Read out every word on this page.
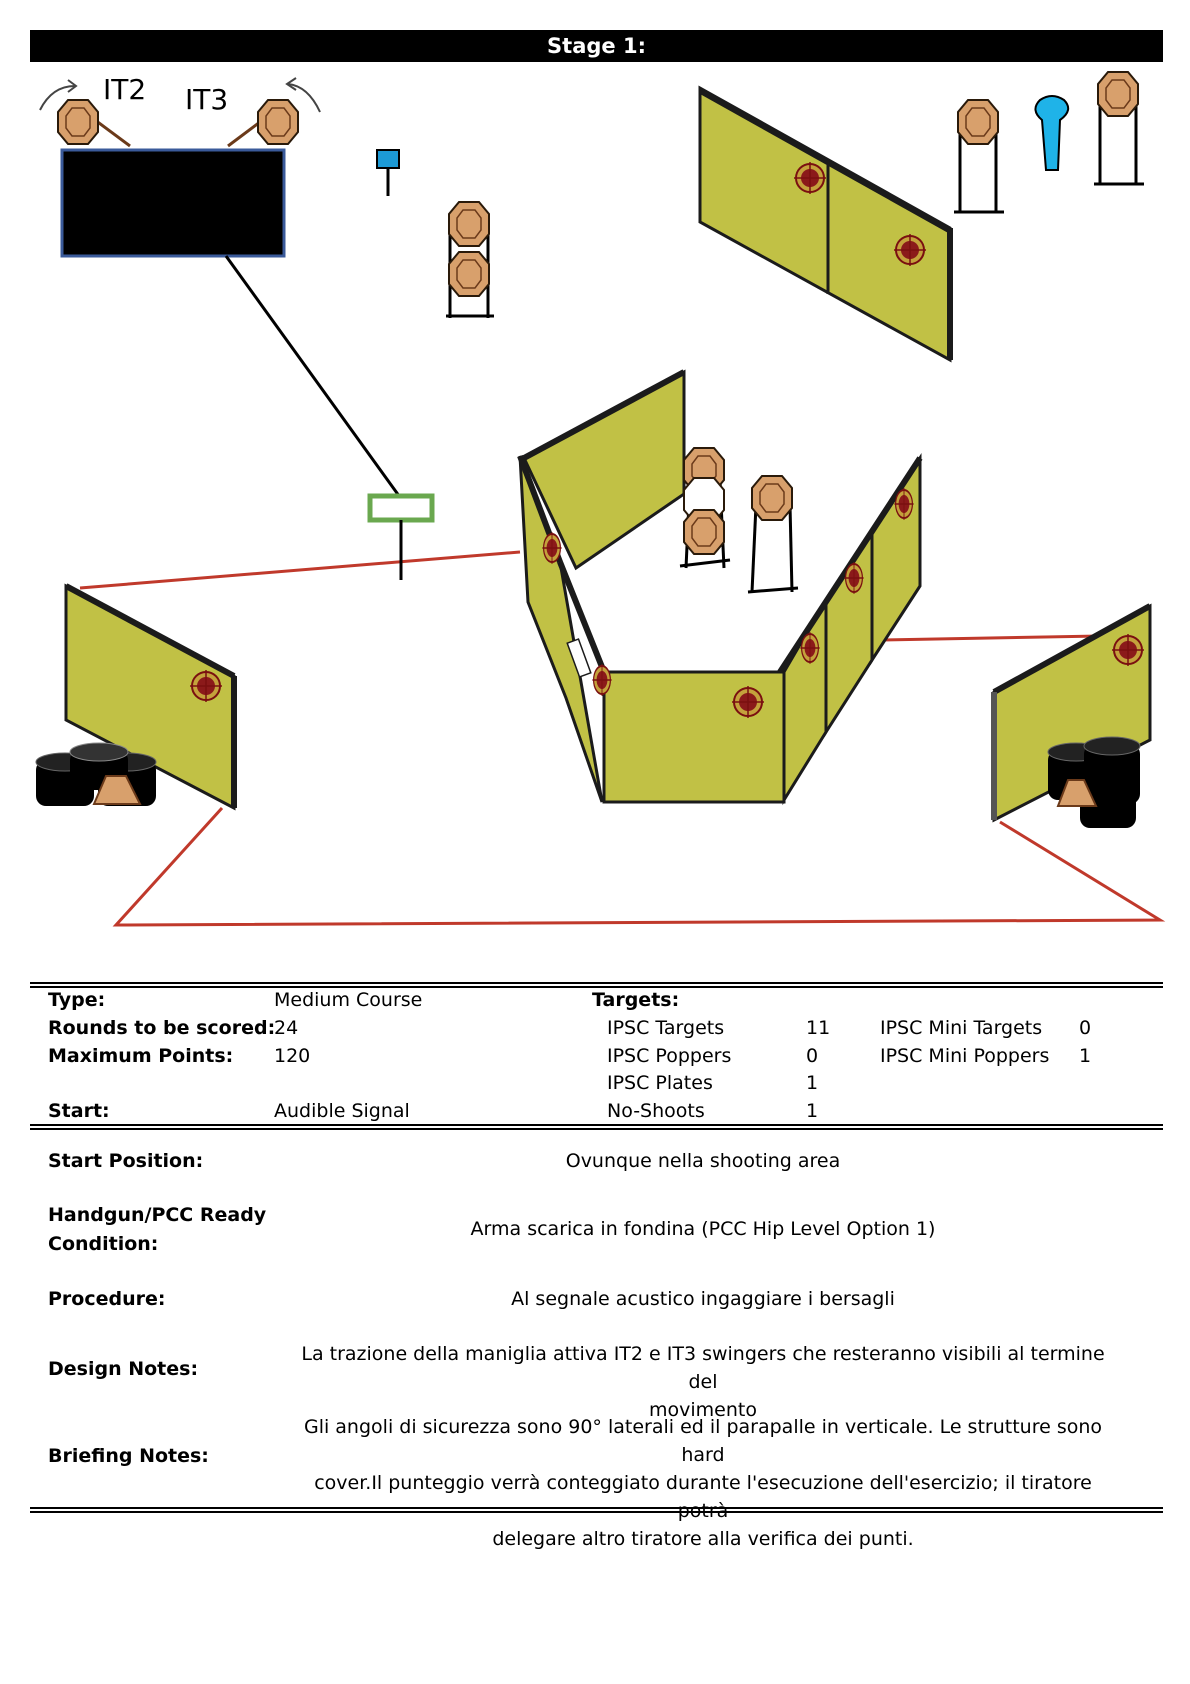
Stage 1:
IT2 IT3
Type:	Medium Course
Rounds to be scored:
24
Maximum Points: 120
Start:	Audible Signal
Targets:
IPSC Targets	11
IPSC Poppers	0
IPSC Plates	1
No-Shoots	1
IPSC Mini Targets 0
IPSC Mini Poppers 1
Start Position:	Ovunque nella shooting area
Handgun/PCC Ready
Condition:
Arma scarica in fondina (PCC Hip Level Option 1)
Procedure:	Al segnale acustico ingaggiare i bersagli
Design Notes:
La trazione della maniglia attiva IT2 e IT3 swingers che resteranno visibili al termine del
movimento
Briefing Notes:
Gli angoli di sicurezza sono 90° laterali ed il parapalle in verticale. Le strutture sono hard
cover.Il punteggio verrà conteggiato durante l'esecuzione dell'esercizio; il tiratore potrà
delegare altro tiratore alla verifica dei punti.
